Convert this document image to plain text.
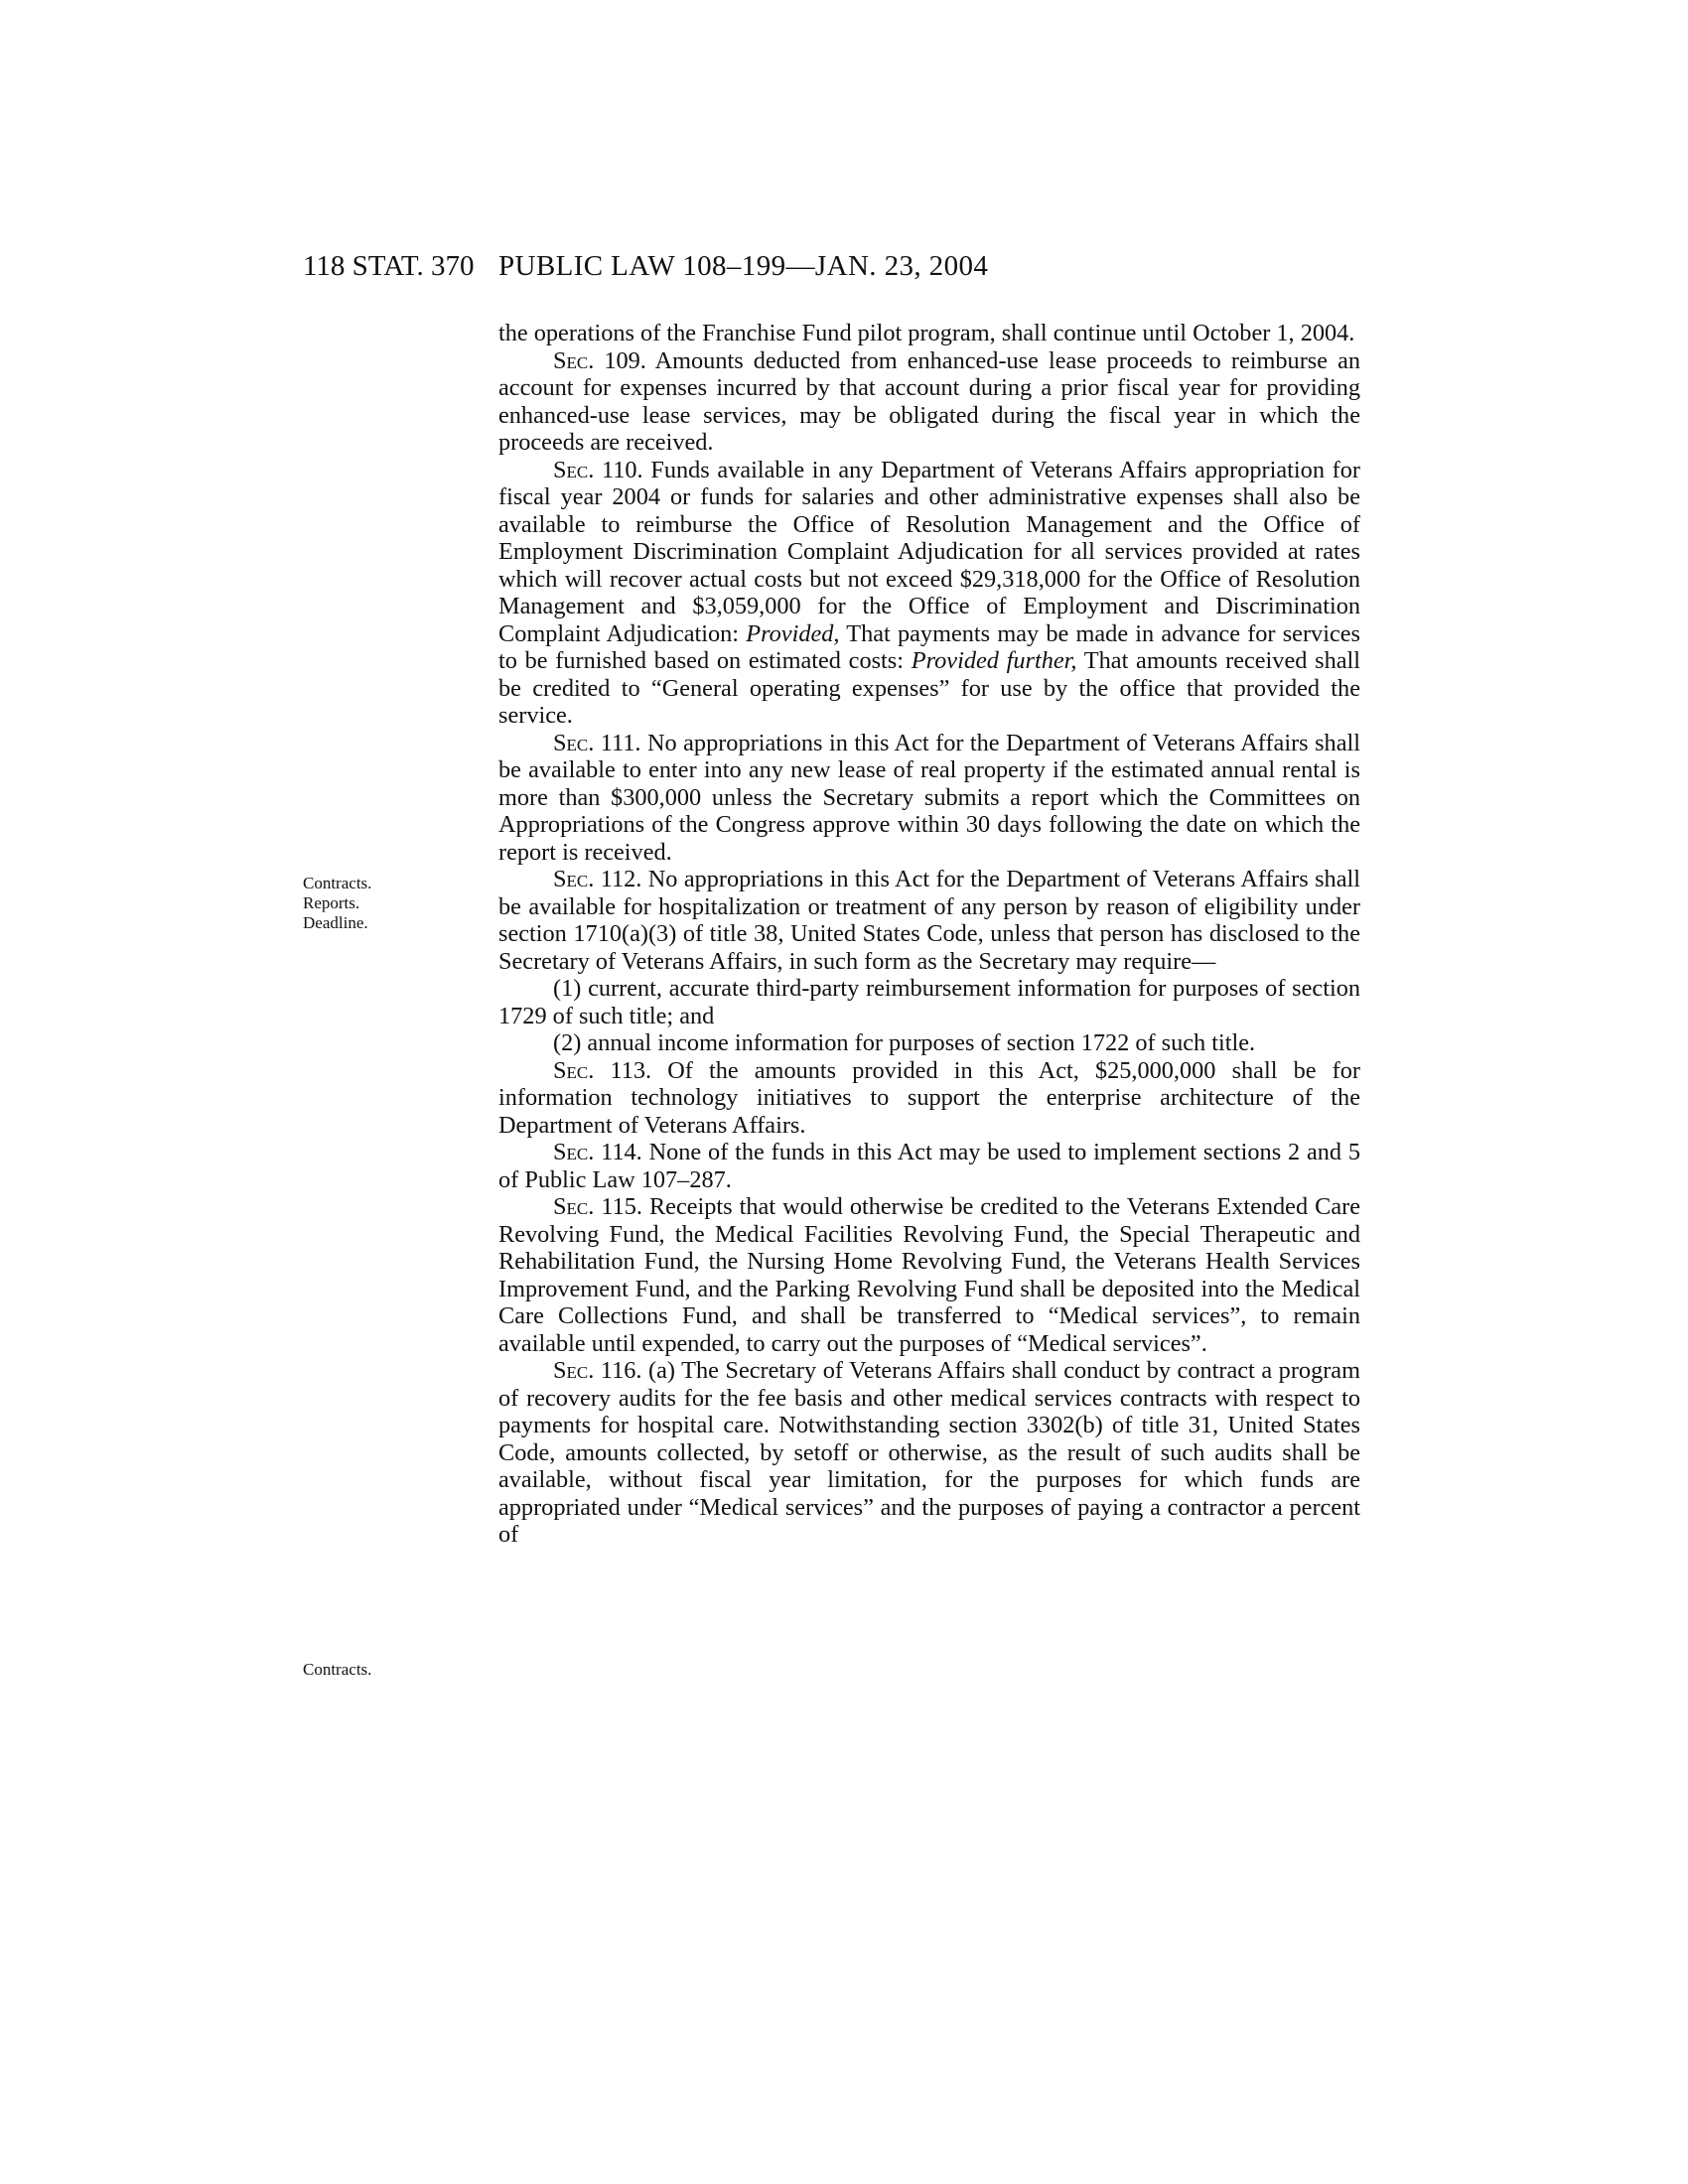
118 STAT. 370 PUBLIC LAW 108–199—JAN. 23, 2004
Contracts.
Reports.
Deadline.
Contracts.

the operations of the Franchise Fund pilot program, shall continue until October 1, 2004.

Sec. 109. Amounts deducted from enhanced-use lease proceeds to reimburse an account for expenses incurred by that account during a prior fiscal year for providing enhanced-use lease services, may be obligated during the fiscal year in which the proceeds are received.

Sec. 110. Funds available in any Department of Veterans Affairs appropriation for fiscal year 2004 or funds for salaries and other administrative expenses shall also be available to reimburse the Office of Resolution Management and the Office of Employment Discrimination Complaint Adjudication for all services provided at rates which will recover actual costs but not exceed $29,318,000 for the Office of Resolution Management and $3,059,000 for the Office of Employment and Discrimination Complaint Adjudication: Provided, That payments may be made in advance for services to be furnished based on estimated costs: Provided further, That amounts received shall be credited to “General operating expenses” for use by the office that provided the service.

Sec. 111. No appropriations in this Act for the Department of Veterans Affairs shall be available to enter into any new lease of real property if the estimated annual rental is more than $300,000 unless the Secretary submits a report which the Committees on Appropriations of the Congress approve within 30 days following the date on which the report is received.

Sec. 112. No appropriations in this Act for the Department of Veterans Affairs shall be available for hospitalization or treatment of any person by reason of eligibility under section 1710(a)(3) of title 38, United States Code, unless that person has disclosed to the Secretary of Veterans Affairs, in such form as the Secretary may require—

(1) current, accurate third-party reimbursement information for purposes of section 1729 of such title; and

(2) annual income information for purposes of section 1722 of such title.

Sec. 113. Of the amounts provided in this Act, $25,000,000 shall be for information technology initiatives to support the enterprise architecture of the Department of Veterans Affairs.

Sec. 114. None of the funds in this Act may be used to implement sections 2 and 5 of Public Law 107–287.

Sec. 115. Receipts that would otherwise be credited to the Veterans Extended Care Revolving Fund, the Medical Facilities Revolving Fund, the Special Therapeutic and Rehabilitation Fund, the Nursing Home Revolving Fund, the Veterans Health Services Improvement Fund, and the Parking Revolving Fund shall be deposited into the Medical Care Collections Fund, and shall be transferred to “Medical services”, to remain available until expended, to carry out the purposes of “Medical services”.

Sec. 116. (a) The Secretary of Veterans Affairs shall conduct by contract a program of recovery audits for the fee basis and other medical services contracts with respect to payments for hospital care. Notwithstanding section 3302(b) of title 31, United States Code, amounts collected, by setoff or otherwise, as the result of such audits shall be available, without fiscal year limitation, for the purposes for which funds are appropriated under “Medical services” and the purposes of paying a contractor a percent of
